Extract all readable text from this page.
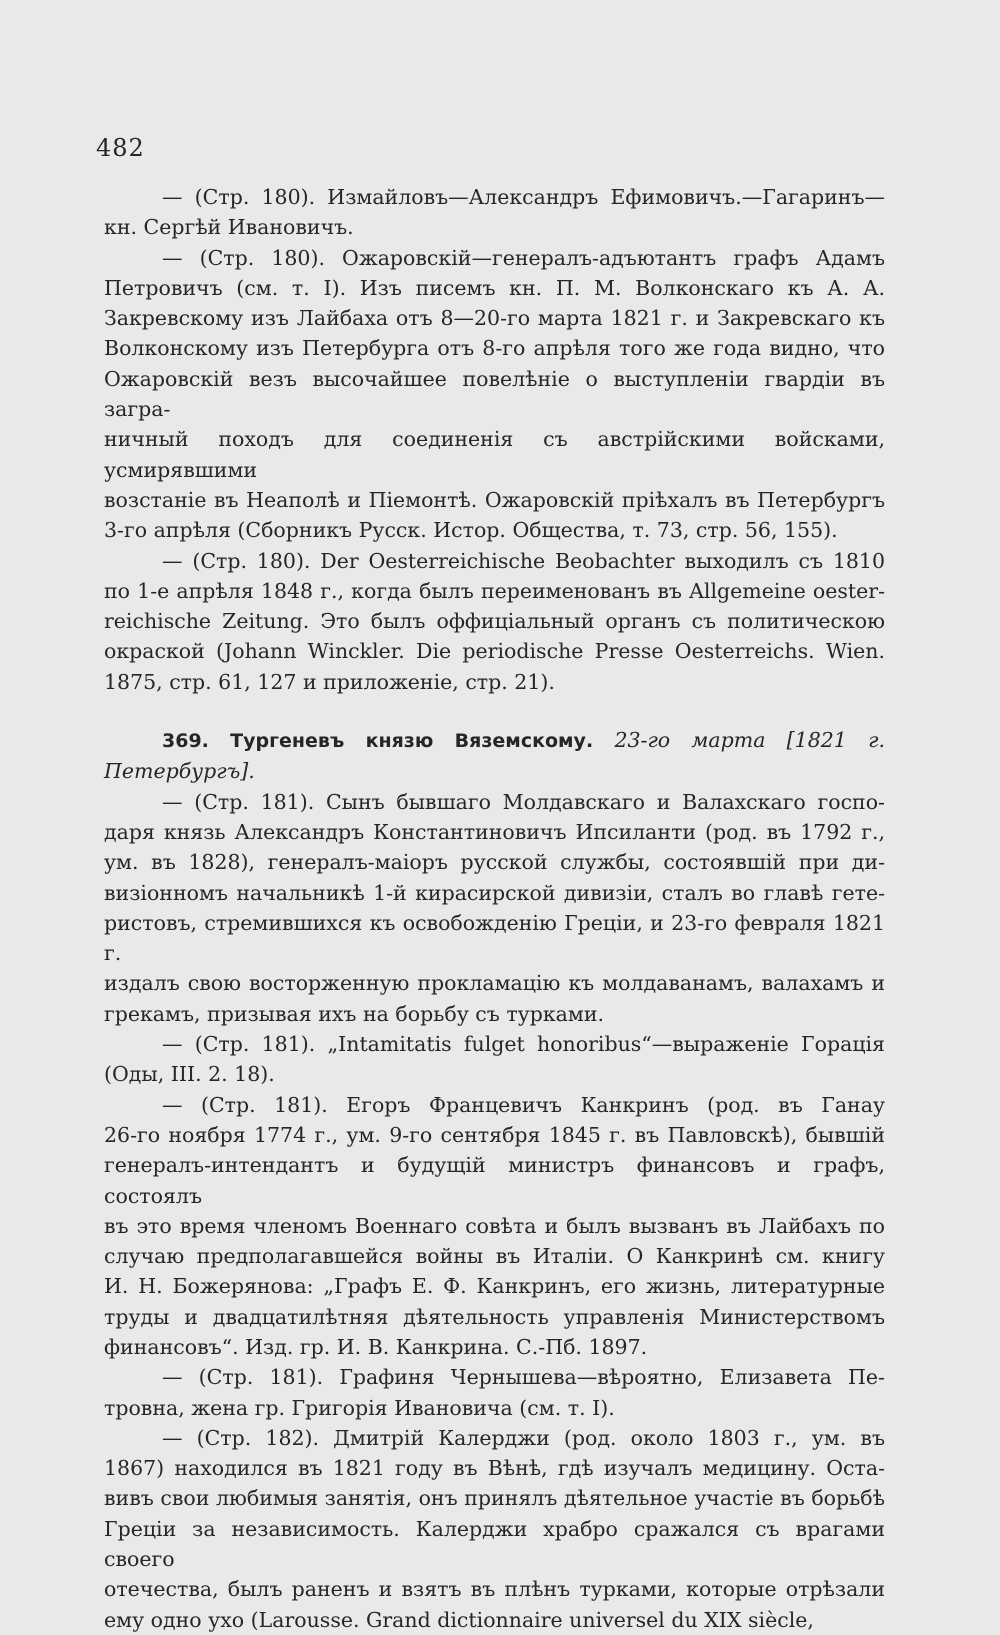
482
— (Стр. 180). Измайловъ—Александръ Ефимовичъ.—Гагаринъ—
кн. Сергѣй Ивановичъ.
— (Стр. 180). Ожаровскій—генералъ-адъютантъ графъ Адамъ
Петровичъ (см. т. I). Изъ писемъ кн. П. М. Волконскаго къ А. А.
Закревскому изъ Лайбаха отъ 8—20-го марта 1821 г. и Закревскаго къ
Волконскому изъ Петербурга отъ 8-го апрѣля того же года видно, что
Ожаровскій везъ высочайшее повелѣніе о выступленіи гвардіи въ загра-
ничный походъ для соединенія съ австрійскими войсками, усмирявшими
возстаніе въ Неаполѣ и Піемонтѣ. Ожаровскій пріѣхалъ въ Петербургъ
3-го апрѣля (Сборникъ Русск. Истор. Общества, т. 73, стр. 56, 155).
— (Стр. 180). Der Oesterreichische Beobachter выходилъ съ 1810
по 1-е апрѣля 1848 г., когда былъ переименованъ въ Allgemeine oester-
reichische Zeitung. Это былъ оффиціальный органъ съ политическою
окраской (Johann Winckler. Die periodische Presse Oesterreichs. Wien.
1875, стр. 61, 127 и приложеніе, стр. 21).

369. Тургеневъ князю Вяземскому. 23-го марта [1821 г. Петербургъ].

— (Стр. 181). Сынъ бывшаго Молдавскаго и Валахскаго госпо-
даря князь Александръ Константиновичъ Ипсиланти (род. въ 1792 г.,
ум. въ 1828), генералъ-маіоръ русской службы, состоявшій при ди-
визіонномъ начальникѣ 1-й кирасирской дивизіи, сталъ во главѣ гете-
ристовъ, стремившихся къ освобожденію Греціи, и 23-го февраля 1821 г.
издалъ свою восторженную прокламацію къ молдаванамъ, валахамъ и
грекамъ, призывая ихъ на борьбу съ турками.
— (Стр. 181). „Intamitatis fulget honoribus“—выраженіе Горація
(Оды, III. 2. 18).
— (Стр. 181). Егоръ Францевичъ Канкринъ (род. въ Ганау
26-го ноября 1774 г., ум. 9-го сентября 1845 г. въ Павловскѣ), бывшій
генералъ-интендантъ и будущій министръ финансовъ и графъ, состоялъ
въ это время членомъ Военнаго совѣта и былъ вызванъ въ Лайбахъ по
случаю предполагавшейся войны въ Италіи. О Канкринѣ см. книгу
И. Н. Божерянова: „Графъ Е. Ф. Канкринъ, его жизнь, литературные
труды и двадцатилѣтняя дѣятельность управленія Министерствомъ
финансовъ“. Изд. гр. И. В. Канкрина. С.-Пб. 1897.
— (Стр. 181). Графиня Чернышева—вѣроятно, Елизавета Пе-
тровна, жена гр. Григорія Ивановича (см. т. I).
— (Стр. 182). Дмитрій Калерджи (род. около 1803 г., ум. въ
1867) находился въ 1821 году въ Вѣнѣ, гдѣ изучалъ медицину. Оста-
вивъ свои любимыя занятія, онъ принялъ дѣятельное участіе въ борьбѣ
Греціи за независимость. Калерджи храбро сражался съ врагами своего
отечества, былъ раненъ и взятъ въ плѣнъ турками, которые отрѣзали
ему одно ухо (Larousse. Grand dictionnaire universel du XIX siècle,
